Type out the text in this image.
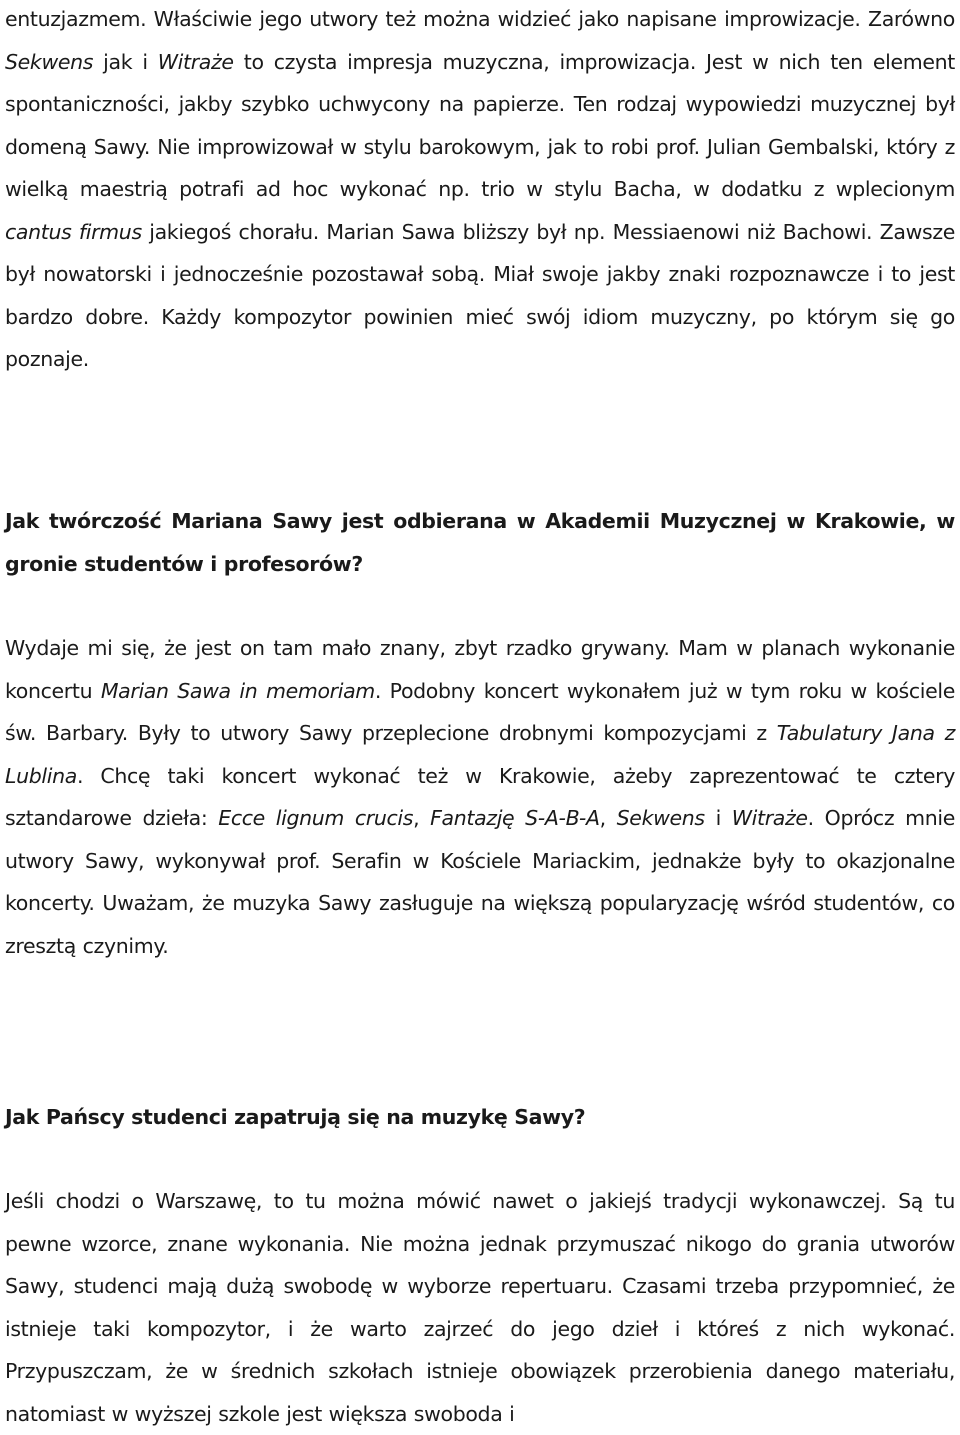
entuzjazmem. Właściwie jego utwory też można widzieć jako napisane improwizacje. Zarówno Sekwens jak i Witraże to czysta impresja muzyczna, improwizacja. Jest w nich ten element spontaniczności, jakby szybko uchwycony na papierze. Ten rodzaj wypowiedzi muzycznej był domeną Sawy. Nie improwizował w stylu barokowym, jak to robi prof. Julian Gembalski, który z wielką maestrią potrafi ad hoc wykonać np. trio w stylu Bacha, w dodatku z wplecionym cantus firmus jakiegoś chorału. Marian Sawa bliższy był np. Messiaenowi niż Bachowi. Zawsze był nowatorski i jednocześnie pozostawał sobą. Miał swoje jakby znaki rozpoznawcze i to jest bardzo dobre. Każdy kompozytor powinien mieć swój idiom muzyczny, po którym się go poznaje.

Jak twórczość Mariana Sawy jest odbierana w Akademii Muzycznej w Krakowie, w gronie studentów i profesorów?

Wydaje mi się, że jest on tam mało znany, zbyt rzadko grywany. Mam w planach wykonanie koncertu Marian Sawa in memoriam. Podobny koncert wykonałem już w tym roku w kościele św. Barbary. Były to utwory Sawy przeplecione drobnymi kompozycjami z Tabulatury Jana z Lublina. Chcę taki koncert wykonać też w Krakowie, ażeby zaprezentować te cztery sztandarowe dzieła: Ecce lignum crucis, Fantazję S-A-B-A, Sekwens i Witraże. Oprócz mnie utwory Sawy, wykonywał prof. Serafin w Kościele Mariackim, jednakże były to okazjonalne koncerty. Uważam, że muzyka Sawy zasługuje na większą popularyzację wśród studentów, co zresztą czynimy.

Jak Pańscy studenci zapatrują się na muzykę Sawy?

Jeśli chodzi o Warszawę, to tu można mówić nawet o jakiejś tradycji wykonawczej. Są tu pewne wzorce, znane wykonania. Nie można jednak przymuszać nikogo do grania utworów Sawy, studenci mają dużą swobodę w wyborze repertuaru. Czasami trzeba przypomnieć, że istnieje taki kompozytor, i że warto zajrzeć do jego dzieł i któreś z nich wykonać. Przypuszczam, że w średnich szkołach istnieje obowiązek przerobienia danego materiału, natomiast w wyższej szkole jest większa swoboda i
